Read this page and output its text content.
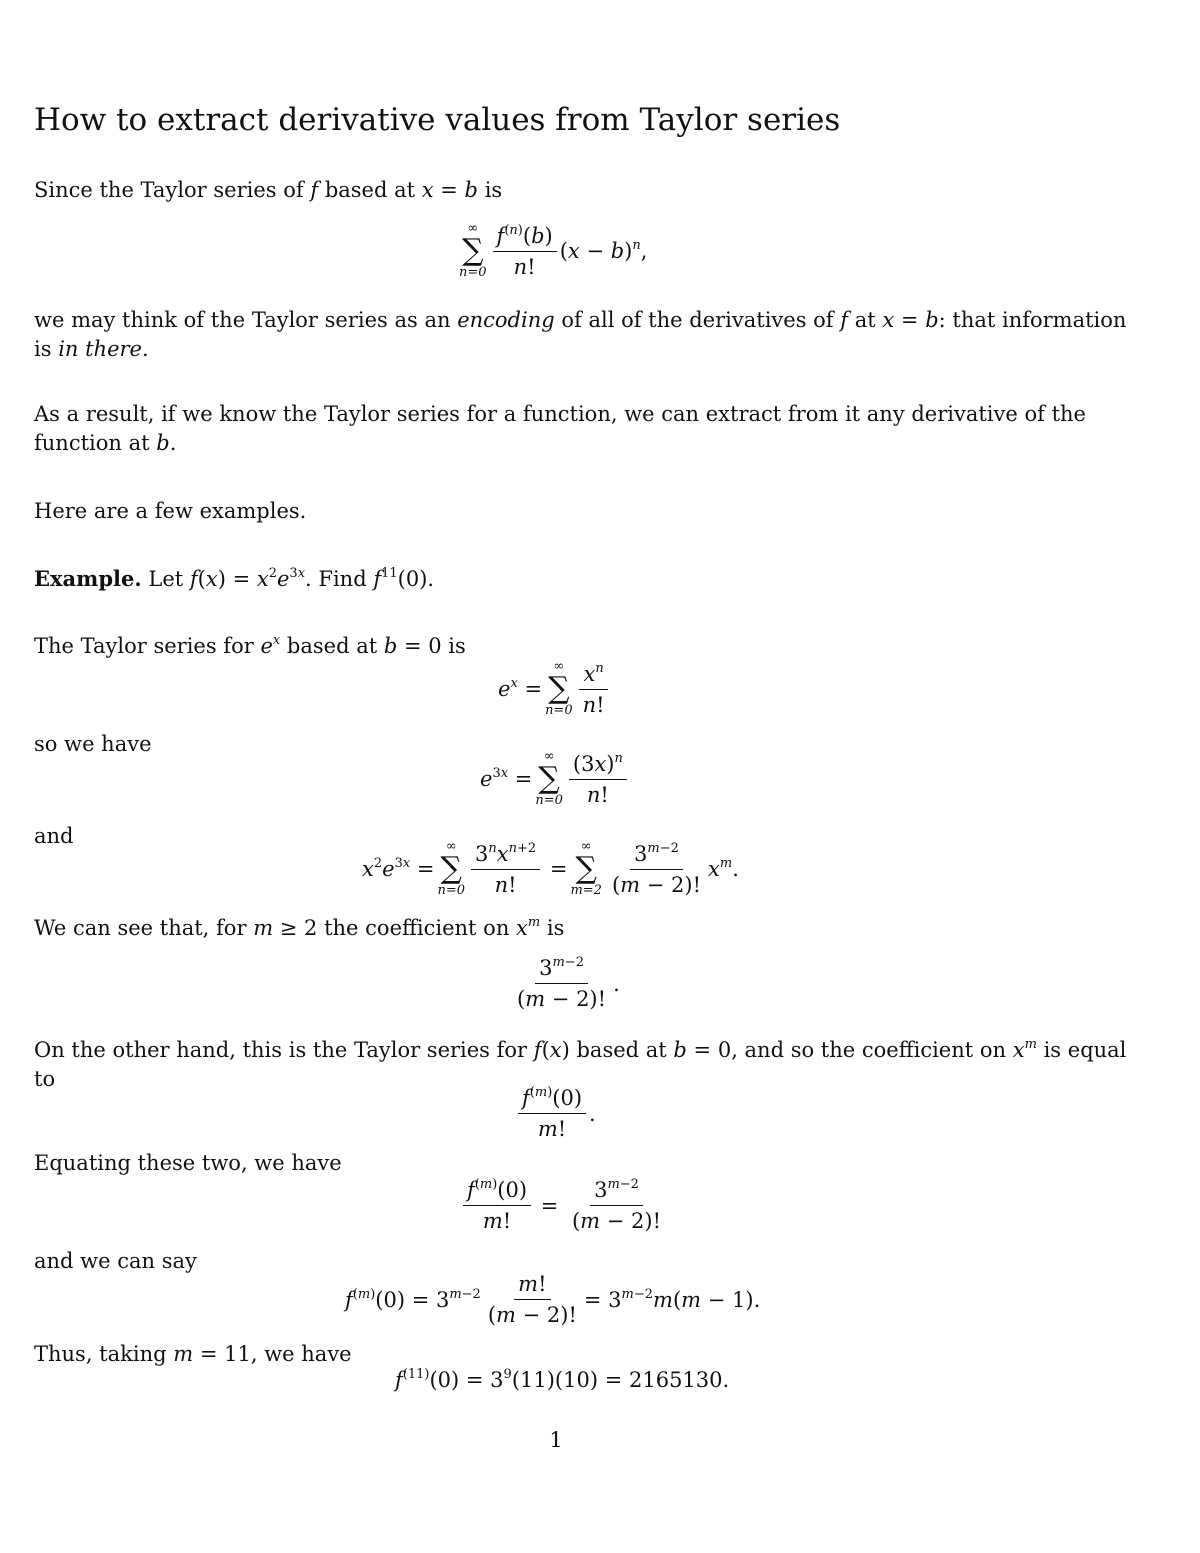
How to extract derivative values from Taylor series
Since the Taylor series of f based at x = b is
∞
∑
$n=0 \frac{f^{(n)}(b)}{n!} (x - b)^n$,
we may think of the Taylor series as an encoding of all of the derivatives of f at x = b: that information
is in there.
As a result, if we know the Taylor series for a function, we can extract from it any derivative of the
function at b.
Here are a few examples.
Example. Let $f(x) = x^2e^{3x}$. Find $f^{11}(0)$.
The Taylor series for $e^x$ based at b = 0 is
$e^x$ =
∞
∑
$n=0 \frac{x^n}{n!}$
so we have
$e^{3x}$ =
∞
∑
$n=0 \frac{(3x)^n}{n!}$
and
$x^2e^{3x}$ =
∞
∑
$n=0 \frac{3^nx^{n+2}}{n!}$ =
∞
∑
$m=2 \frac{3^{m-2}}{(m - 2)!} x^m$.
We can see that, for m ≥ 2 the coefficient on $x^m$ is
$\frac{3^{m-2}}{(m - 2)!}$ .
On the other hand, this is the Taylor series for f(x) based at b = 0, and so the coefficient on $x^m$ is equal
to
$\frac{f^{(m)}(0)}{m!}$ .
Equating these two, we have
$\frac{f^{(m)}(0)}{m!} = \frac{3^{m-2}}{(m - 2)!}$
and we can say
$f^{(m)}(0) = 3^{m-2} \frac{m!}{(m - 2)!} = 3^{m-2}m(m - 1)$.
Thus, taking m = 11, we have
$f^{(11)}(0) = 3^9(11)(10) = 2165130$.
1
